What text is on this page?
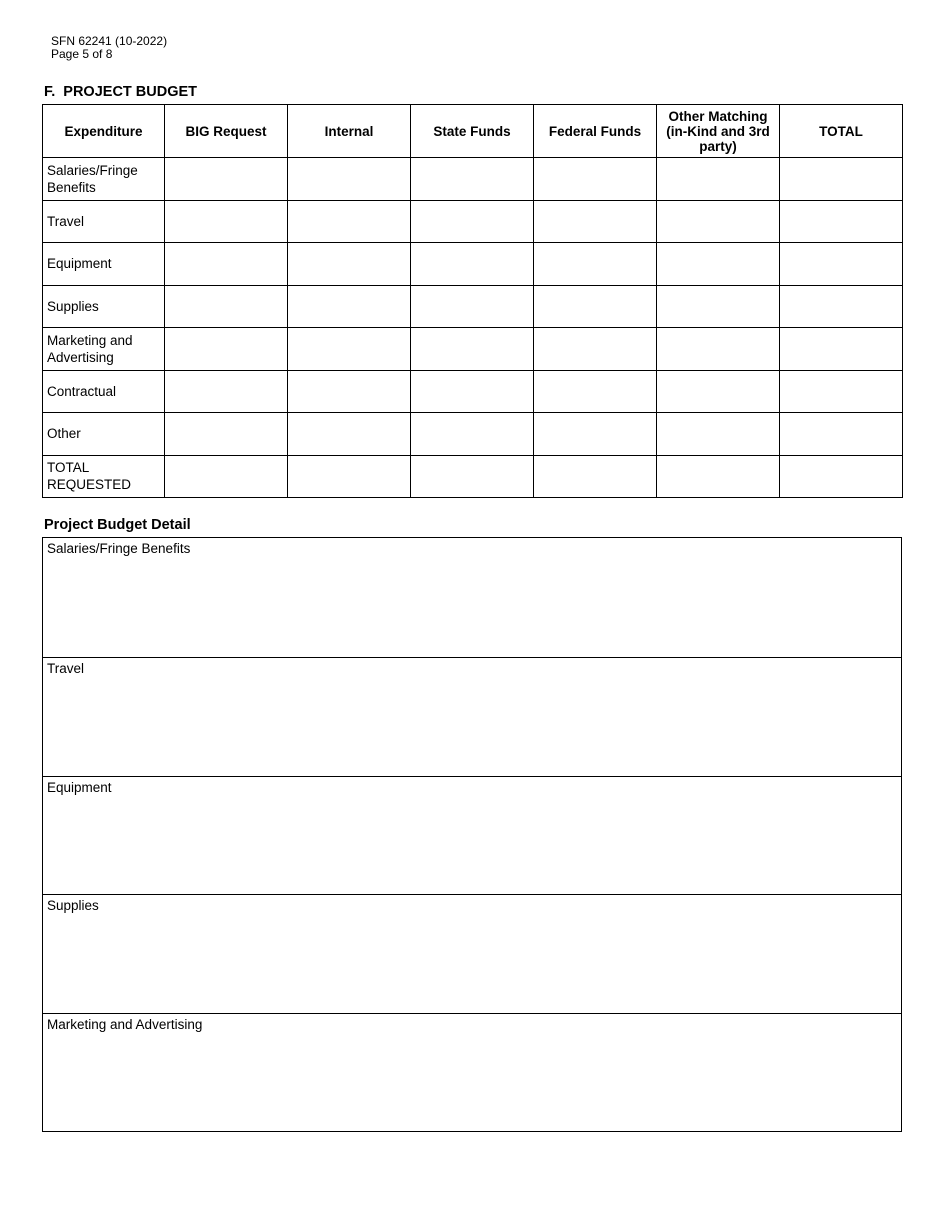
SFN 62241 (10-2022)
Page 5 of 8
F. PROJECT BUDGET
Expenditure	BIG Request	Internal	State Funds	Federal Funds	Other Matching (in-Kind and 3rd party)	TOTAL
Salaries/Fringe Benefits						
Travel						
Equipment						
Supplies						
Marketing and Advertising						
Contractual						
Other						
TOTAL REQUESTED						
Project Budget Detail
Salaries/Fringe Benefits
Travel
Equipment
Supplies
Marketing and Advertising
